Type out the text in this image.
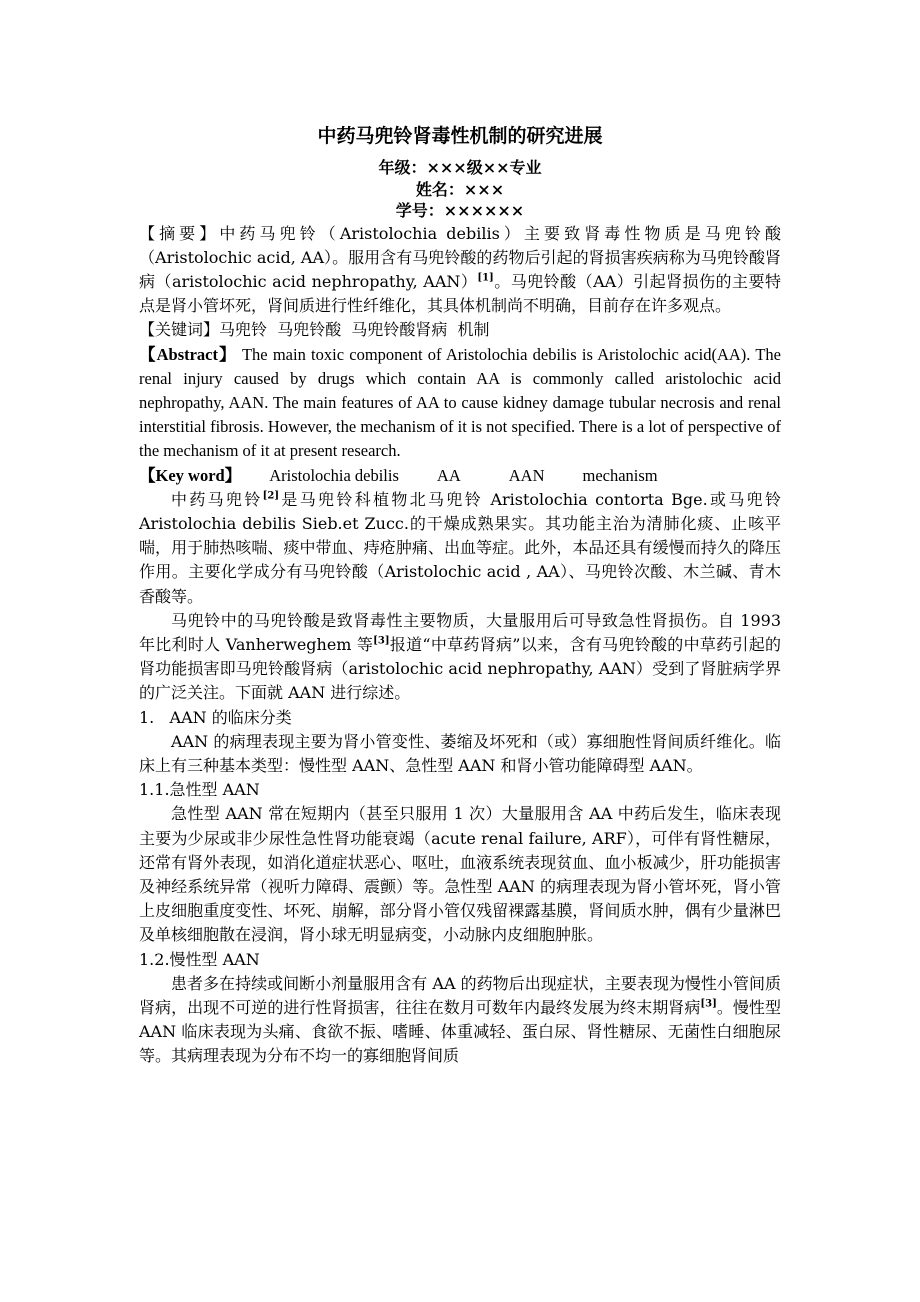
中药马兜铃肾毒性机制的研究进展
年级：×××级××专业
姓名：×××
学号：××××××

【摘要】中药马兜铃（Aristolochia debilis）主要致肾毒性物质是马兜铃酸（Aristolochic acid, AA）。服用含有马兜铃酸的药物后引起的肾损害疾病称为马兜铃酸肾病（aristolochic acid nephropathy, AAN）[1]。马兜铃酸（AA）引起肾损伤的主要特点是肾小管坏死，肾间质进行性纤维化，其具体机制尚不明确，目前存在许多观点。

【关键词】马兜铃  马兜铃酸  马兜铃酸肾病  机制

【Abstract】 The main toxic component of Aristolochia debilis is Aristolochic acid(AA). The renal injury caused by drugs which contain AA is commonly called aristolochic acid nephropathy, AAN. The main features of AA to cause kidney damage tubular necrosis and renal interstitial fibrosis. However, the mechanism of it is not specified. There is a lot of perspective of the mechanism of it at present research.

【Key word】 Aristolochia debilis AA	AAN mechanism

中药马兜铃[2]是马兜铃科植物北马兜铃 Aristolochia contorta Bge.或马兜铃 Aristolochia debilis Sieb.et Zucc.的干燥成熟果实。其功能主治为清肺化痰、止咳平喘，用于肺热咳喘、痰中带血、痔疮肿痛、出血等症。此外，本品还具有缓慢而持久的降压作用。主要化学成分有马兜铃酸（Aristolochic acid , AA）、马兜铃次酸、木兰碱、青木香酸等。

马兜铃中的马兜铃酸是致肾毒性主要物质，大量服用后可导致急性肾损伤。自 1993 年比利时人 Vanherweghem 等[3]报道“中草药肾病”以来，含有马兜铃酸的中草药引起的肾功能损害即马兜铃酸肾病（aristolochic acid nephropathy, AAN）受到了肾脏病学界的广泛关注。下面就 AAN 进行综述。

1.   AAN 的临床分类

AAN 的病理表现主要为肾小管变性、萎缩及坏死和（或）寡细胞性肾间质纤维化。临床上有三种基本类型：慢性型 AAN、急性型 AAN 和肾小管功能障碍型 AAN。

1.1.急性型 AAN

急性型 AAN 常在短期内（甚至只服用 1 次）大量服用含 AA 中药后发生，临床表现主要为少尿或非少尿性急性肾功能衰竭（acute renal failure, ARF），可伴有肾性糖尿，还常有肾外表现，如消化道症状恶心、呕吐，血液系统表现贫血、血小板减少，肝功能损害及神经系统异常（视听力障碍、震颤）等。急性型 AAN 的病理表现为肾小管坏死，肾小管上皮细胞重度变性、坏死、崩解，部分肾小管仅残留裸露基膜，肾间质水肿，偶有少量淋巴及单核细胞散在浸润，肾小球无明显病变，小动脉内皮细胞肿胀。

1.2.慢性型 AAN

患者多在持续或间断小剂量服用含有 AA 的药物后出现症状，主要表现为慢性小管间质肾病，出现不可逆的进行性肾损害，往往在数月可数年内最终发展为终末期肾病[3]。慢性型 AAN 临床表现为头痛、食欲不振、嗜睡、体重减轻、蛋白尿、肾性糖尿、无菌性白细胞尿等。其病理表现为分布不均一的寡细胞肾间质
